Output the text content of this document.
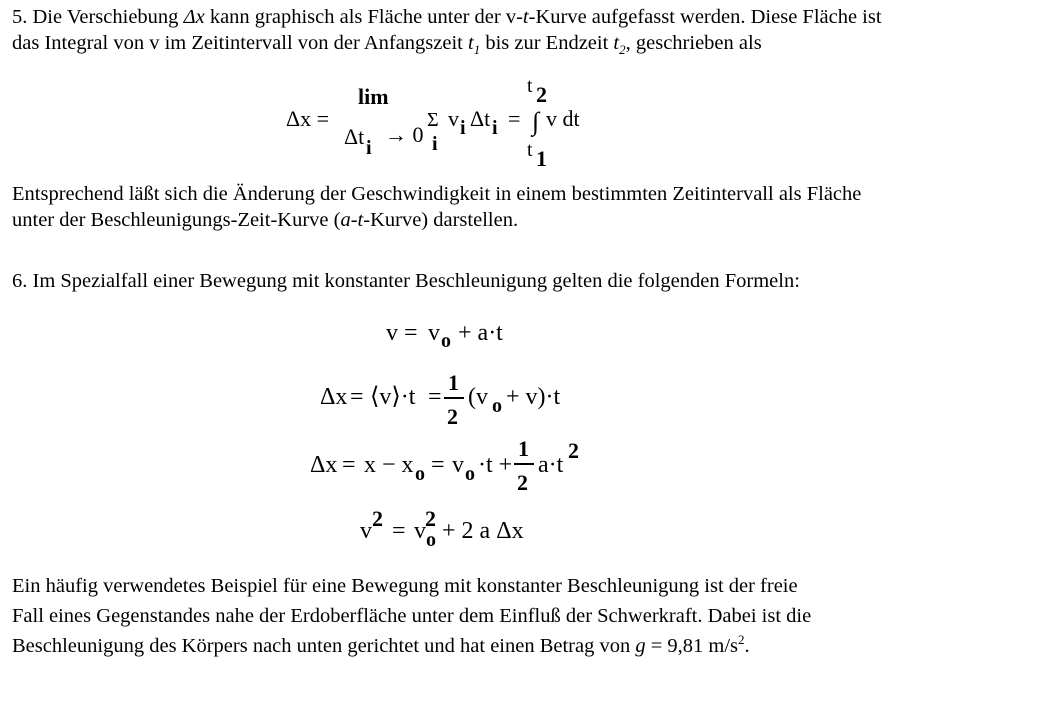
5. Die Verschiebung Δx kann graphisch als Fläche unter der v-t-Kurve aufgefasst werden. Diese Fläche ist
das Integral von v im Zeitintervall von der Anfangszeit $t_1$ bis zur Endzeit $t_2$, geschrieben als
Δx =
lim
Δt i
→ 0
Σ
i
v i Δt i =
t 2
∫ v dt
t 1
Entsprechend läßt sich die Änderung der Geschwindigkeit in einem bestimmten Zeitintervall als Fläche
unter der Beschleunigungs-Zeit-Kurve (a-t-Kurve) darstellen.
6. Im Spezialfall einer Bewegung mit konstanter Beschleunigung gelten die folgenden Formeln:
v = v o + a·t
Δx = ⟨v⟩·t =
1
2
(v o + v)·t
Δx = x − x o = v o ·t +
1
2
a·t
2
v 2 = v 2
o + 2 a Δx
Ein häufig verwendetes Beispiel für eine Bewegung mit konstanter Beschleunigung ist der freie
Fall eines Gegenstandes nahe der Erdoberfläche unter dem Einfluß der Schwerkraft. Dabei ist die
Beschleunigung des Körpers nach unten gerichtet und hat einen Betrag von g = 9,81 $m/s^2$.
